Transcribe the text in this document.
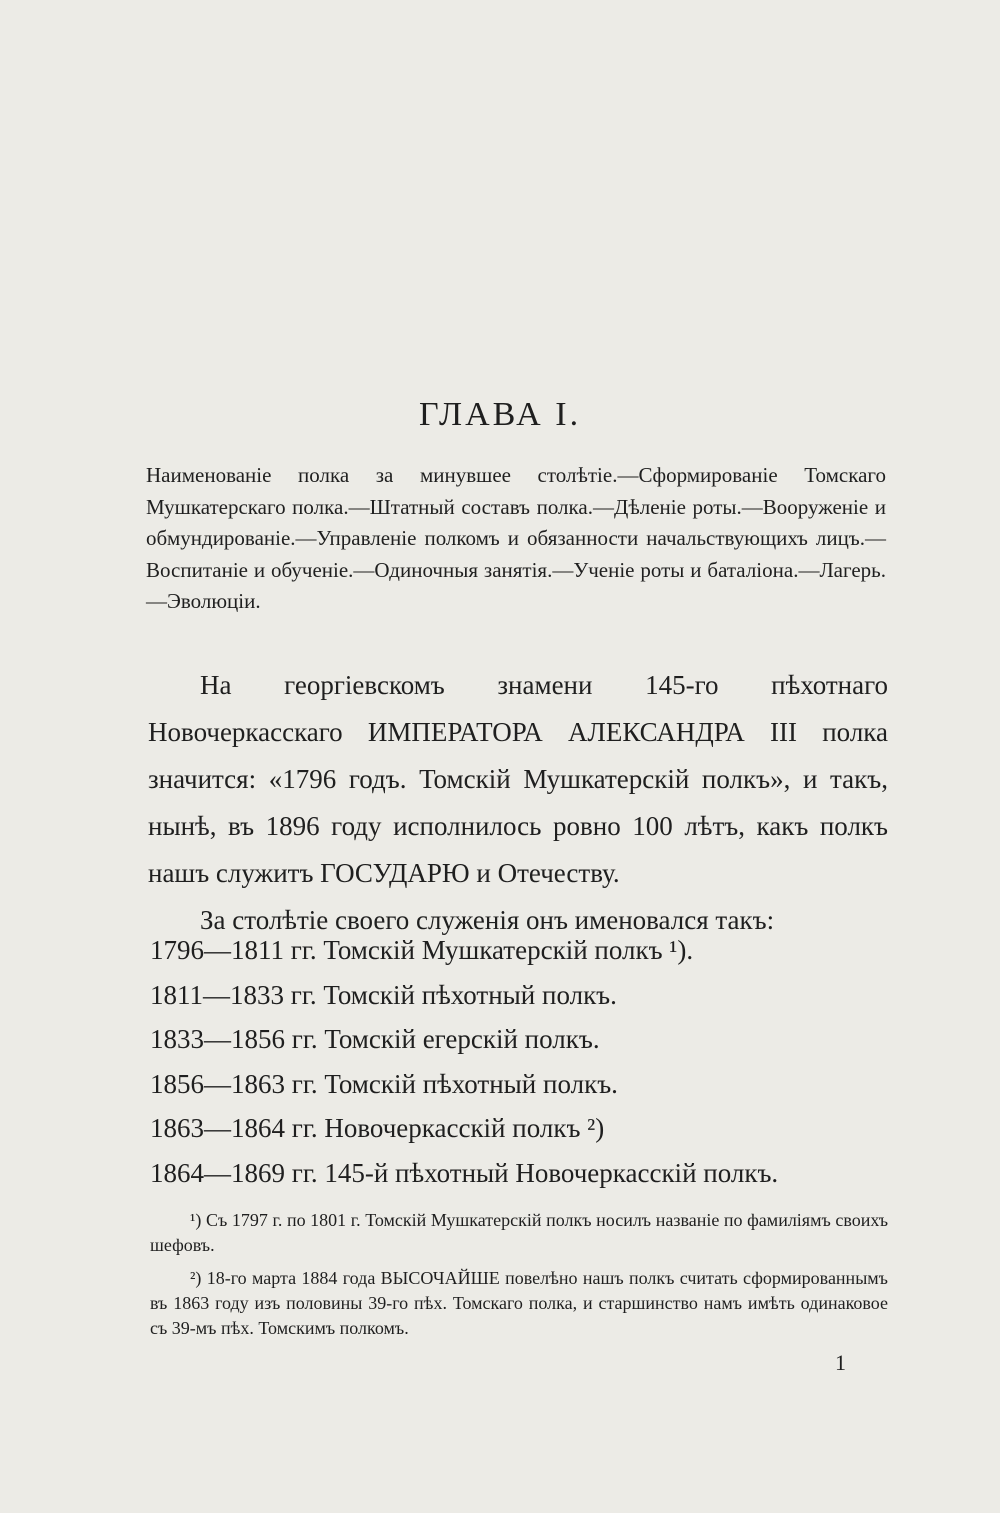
ГЛАВА I.
Наименованіе полка за минувшее столѣтіе.—Сформированіе Томскаго Мушкатерскаго полка.—Штатный составъ полка.—Дѣленіе роты.—Вооруженіе и обмундированіе.—Управленіе полкомъ и обязанности начальствующихъ лицъ.—Воспитаніе и обученіе.—Одиночныя занятія.—Ученіе роты и баталіона.—Лагерь.—Эволюціи.

На георгіевскомъ знамени 145-го пѣхотнаго Новочеркасскаго ИМПЕРАТОРА АЛЕКСАНДРА III полка значится: «1796 годъ. Томскій Мушкатерскій полкъ», и такъ, нынѣ, въ 1896 году исполнилось ровно 100 лѣтъ, какъ полкъ нашъ служитъ ГОСУДАРЮ и Отечеству.

За столѣтіе своего служенія онъ именовался такъ:

1796—1811 гг. Томскій Мушкатерскій полкъ ¹).
1811—1833 гг. Томскій пѣхотный полкъ.
1833—1856 гг. Томскій егерскій полкъ.
1856—1863 гг. Томскій пѣхотный полкъ.
1863—1864 гг. Новочеркасскій полкъ ²)
1864—1869 гг. 145-й пѣхотный Новочеркасскій полкъ.

¹) Съ 1797 г. по 1801 г. Томскій Мушкатерскій полкъ носилъ названіе по фамиліямъ своихъ шефовъ.

²) 18-го марта 1884 года ВЫСОЧАЙШЕ повелѣно нашъ полкъ считать сформированнымъ въ 1863 году изъ половины 39-го пѣх. Томскаго полка, и старшинство намъ имѣть одинаковое съ 39-мъ пѣх. Томскимъ полкомъ.

1
